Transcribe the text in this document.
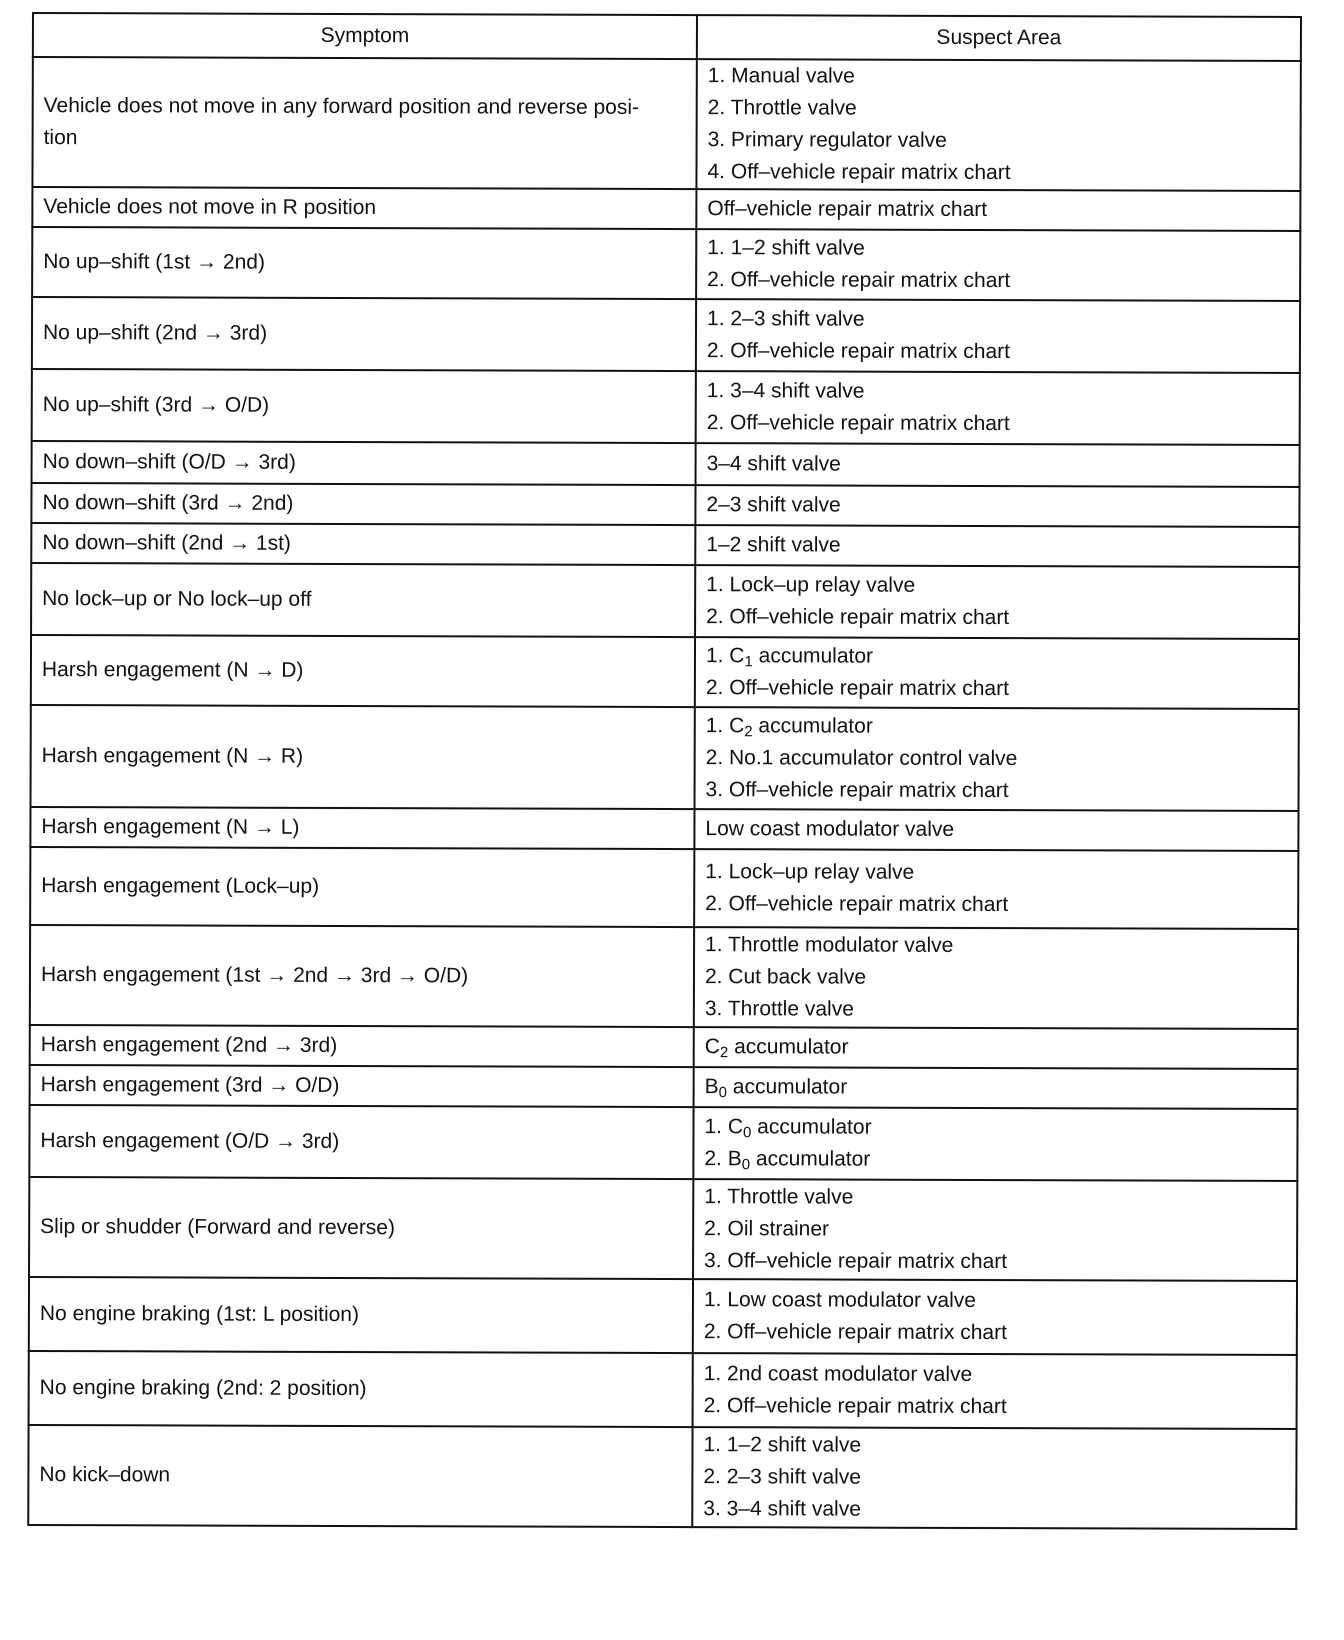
Symptom	Suspect Area
Vehicle does not move in any forward position and reverse posi-
tion	1. Manual valve
2. Throttle valve
3. Primary regulator valve
4. Off–vehicle repair matrix chart

Vehicle does not move in R position	Off–vehicle repair matrix chart

No up–shift (1st → 2nd)	1. 1–2 shift valve
2. Off–vehicle repair matrix chart

No up–shift (2nd → 3rd)	1. 2–3 shift valve
2. Off–vehicle repair matrix chart

No up–shift (3rd → O/D)	1. 3–4 shift valve
2. Off–vehicle repair matrix chart

No down–shift (O/D → 3rd)	3–4 shift valve

No down–shift (3rd → 2nd)	2–3 shift valve

No down–shift (2nd → 1st)	1–2 shift valve

No lock–up or No lock–up off	1. Lock–up relay valve
2. Off–vehicle repair matrix chart

Harsh engagement (N → D)	1. $C_1$ accumulator
2. Off–vehicle repair matrix chart

Harsh engagement (N → R)	1. $C_2$ accumulator
2. No.1 accumulator control valve
3. Off–vehicle repair matrix chart

Harsh engagement (N → L)	Low coast modulator valve

Harsh engagement (Lock–up)	1. Lock–up relay valve
2. Off–vehicle repair matrix chart

Harsh engagement (1st → 2nd → 3rd → O/D)	1. Throttle modulator valve
2. Cut back valve
3. Throttle valve

Harsh engagement (2nd → 3rd)	$C_2$ accumulator

Harsh engagement (3rd → O/D)	$B_0$ accumulator

Harsh engagement (O/D → 3rd)	1. $C_0$ accumulator
2. $B_0$ accumulator

Slip or shudder (Forward and reverse)	1. Throttle valve
2. Oil strainer
3. Off–vehicle repair matrix chart

No engine braking (1st: L position)	1. Low coast modulator valve
2. Off–vehicle repair matrix chart

No engine braking (2nd: 2 position)	1. 2nd coast modulator valve
2. Off–vehicle repair matrix chart

No kick–down	1. 1–2 shift valve
2. 2–3 shift valve
3. 3–4 shift valve
